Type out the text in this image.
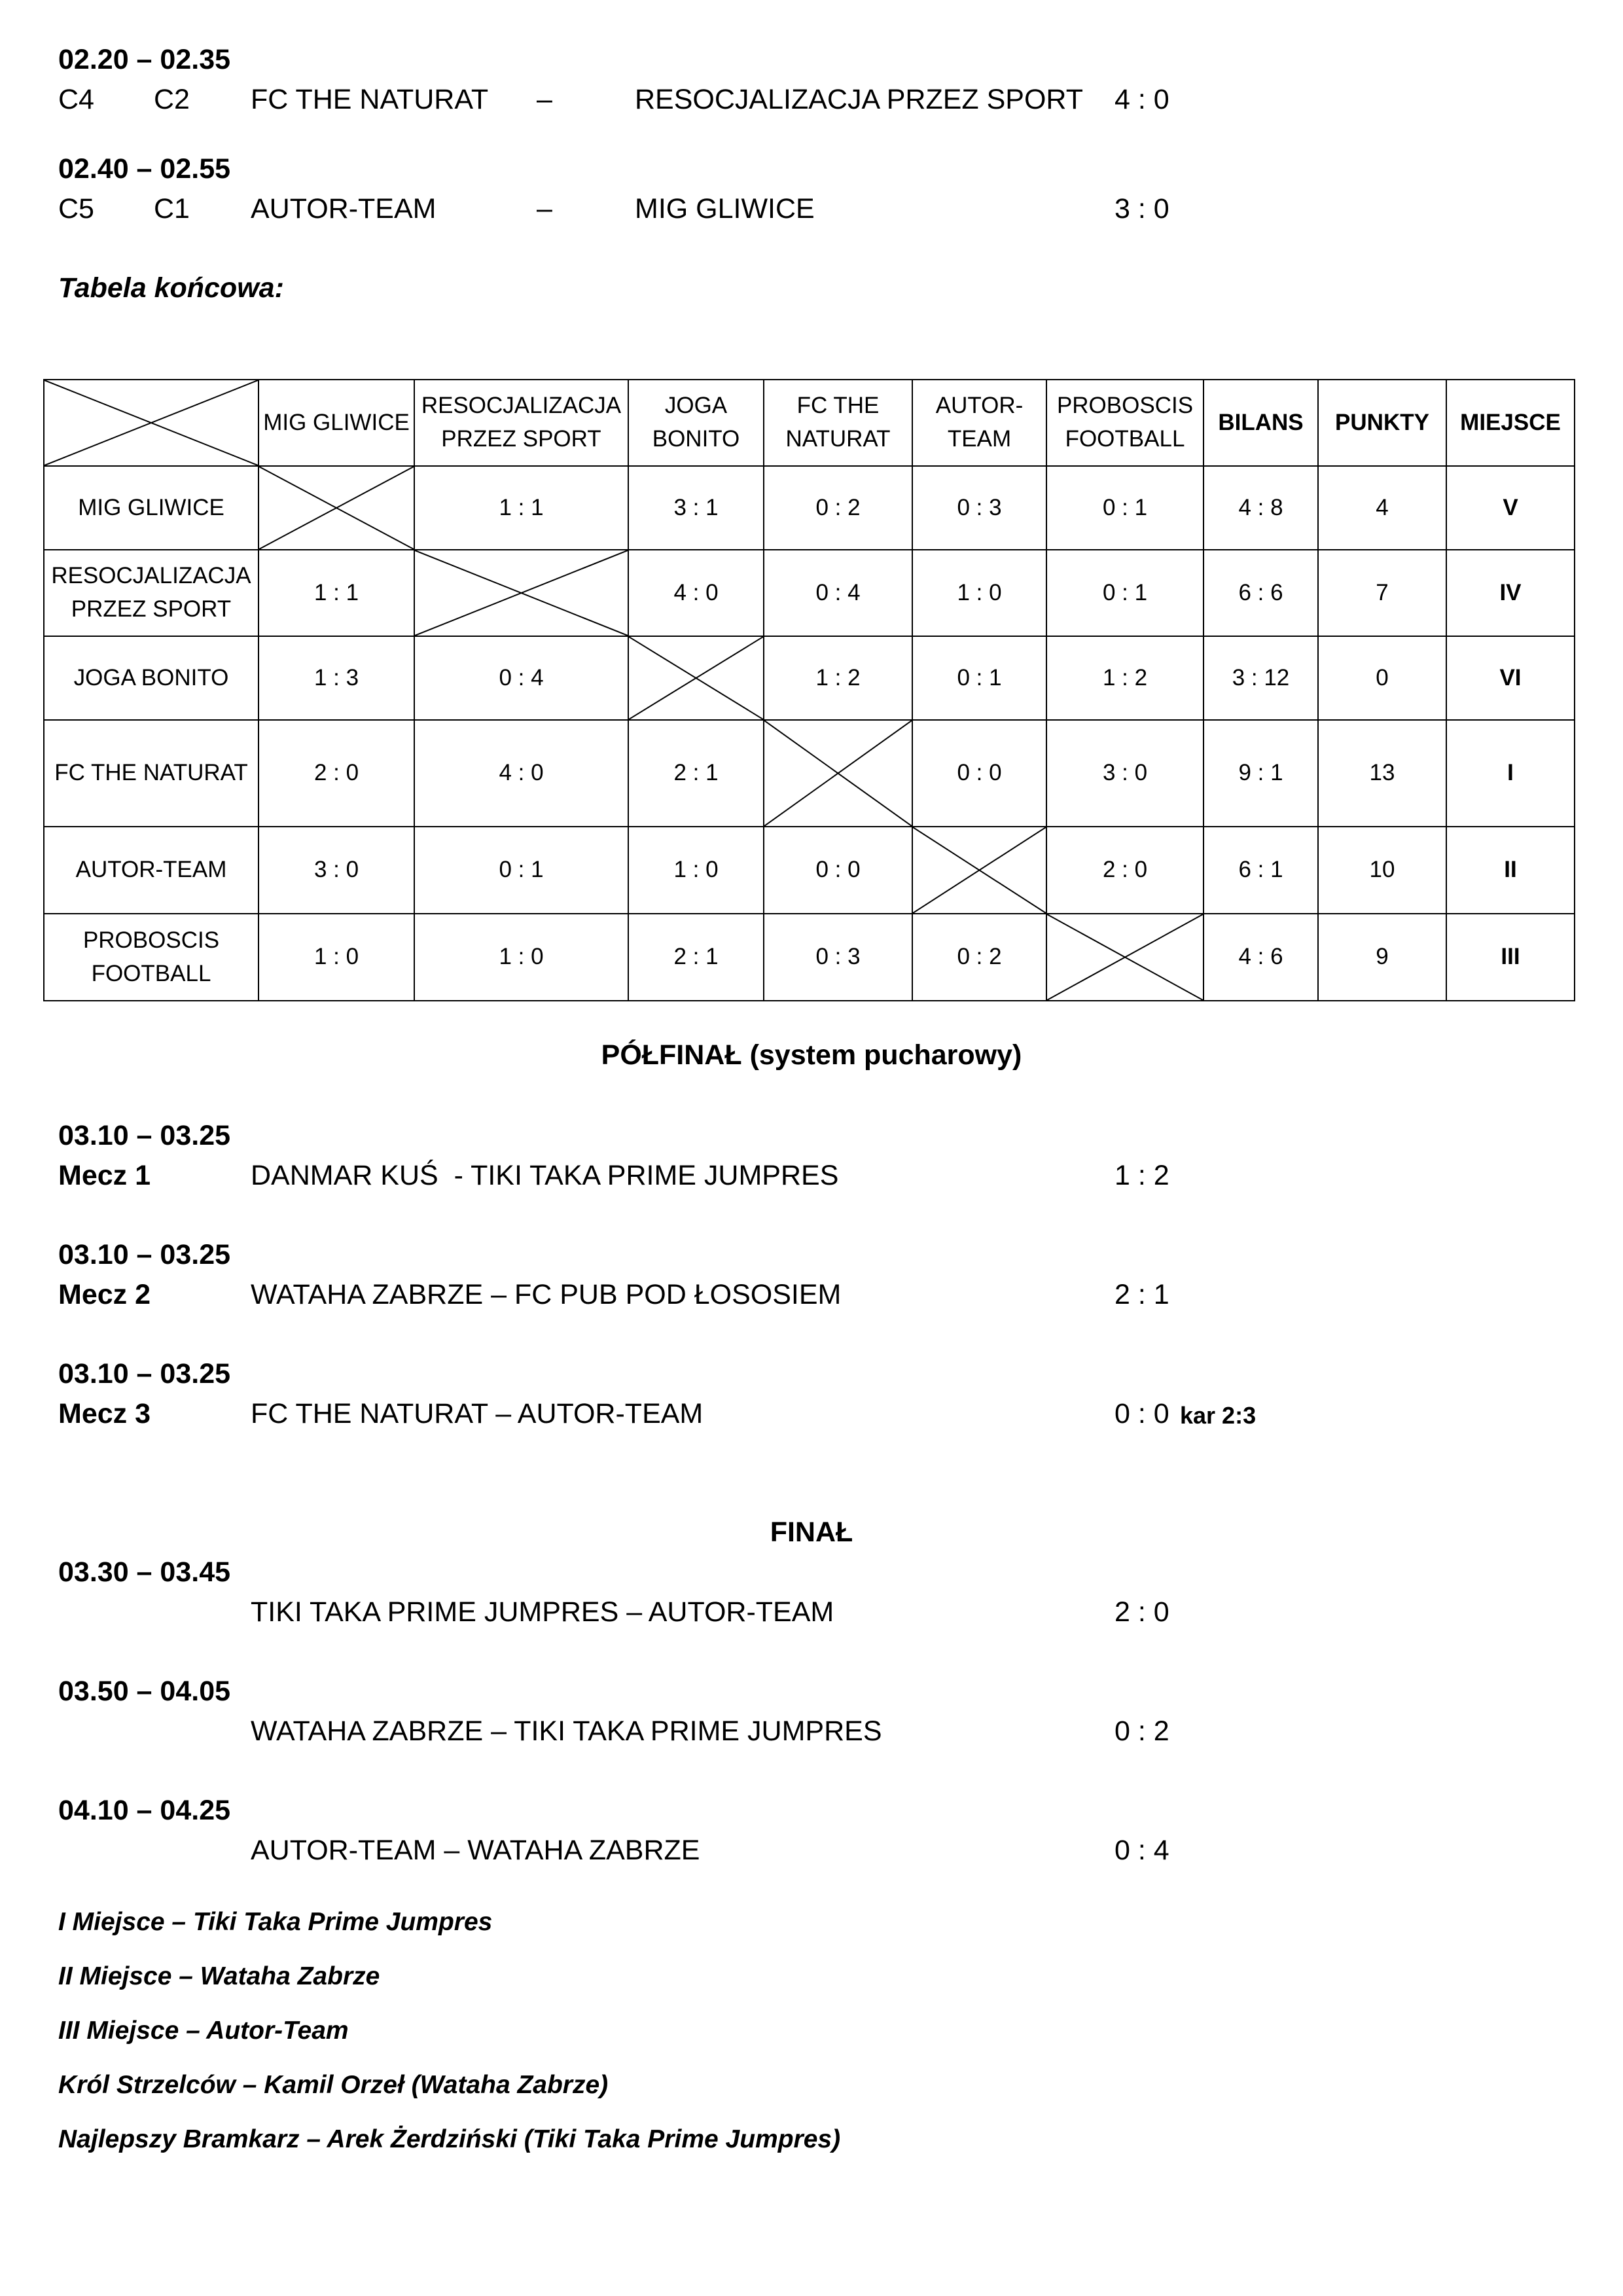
02.20 – 02.35
C4 C2 FC THE NATURAT –	RESOCJALIZACJA PRZEZ SPORT 4 : 0
02.40 – 02.55
C5 C1 AUTOR-TEAM	–	MIG GLIWICE	3 : 0
Tabela końcowa:
	MIG GLIWICE	RESOCJALIZACJA PRZEZ SPORT	JOGA BONITO	FC THE NATURAT	AUTOR-TEAM	PROBOSCIS FOOTBALL	BILANS	PUNKTY	MIEJSCE
MIG GLIWICE		1 : 1	3 : 1	0 : 2	0 : 3	0 : 1	4 : 8	4	V
RESOCJALIZACJA PRZEZ SPORT	1 : 1		4 : 0	0 : 4	1 : 0	0 : 1	6 : 6	7	IV
JOGA BONITO	1 : 3	0 : 4		1 : 2	0 : 1	1 : 2	3 : 12	0	VI
FC THE NATURAT	2 : 0	4 : 0	2 : 1		0 : 0	3 : 0	9 : 1	13	I
AUTOR-TEAM	3 : 0	0 : 1	1 : 0	0 : 0		2 : 0	6 : 1	10	II
PROBOSCIS FOOTBALL	1 : 0	1 : 0	2 : 1	0 : 3	0 : 2		4 : 6	9	III
PÓŁFINAŁ (system pucharowy)
03.10 – 03.25
Mecz 1	DANMAR KUŚ  - TIKI TAKA PRIME JUMPRES	1 : 2
03.10 – 03.25
Mecz 2	WATAHA ZABRZE – FC PUB POD ŁOSOSIEM	2 : 1
03.10 – 03.25
Mecz 3	FC THE NATURAT – AUTOR-TEAM	0 : 0 kar 2:3
FINAŁ
03.30 – 03.45
TIKI TAKA PRIME JUMPRES – AUTOR-TEAM	2 : 0
03.50 – 04.05
WATAHA ZABRZE – TIKI TAKA PRIME JUMPRES	0 : 2
04.10 – 04.25
AUTOR-TEAM – WATAHA ZABRZE	0 : 4
I Miejsce – Tiki Taka Prime Jumpres
II Miejsce – Wataha Zabrze
III Miejsce – Autor-Team
Król Strzelców – Kamil Orzeł (Wataha Zabrze)
Najlepszy Bramkarz – Arek Żerdziński (Tiki Taka Prime Jumpres)
